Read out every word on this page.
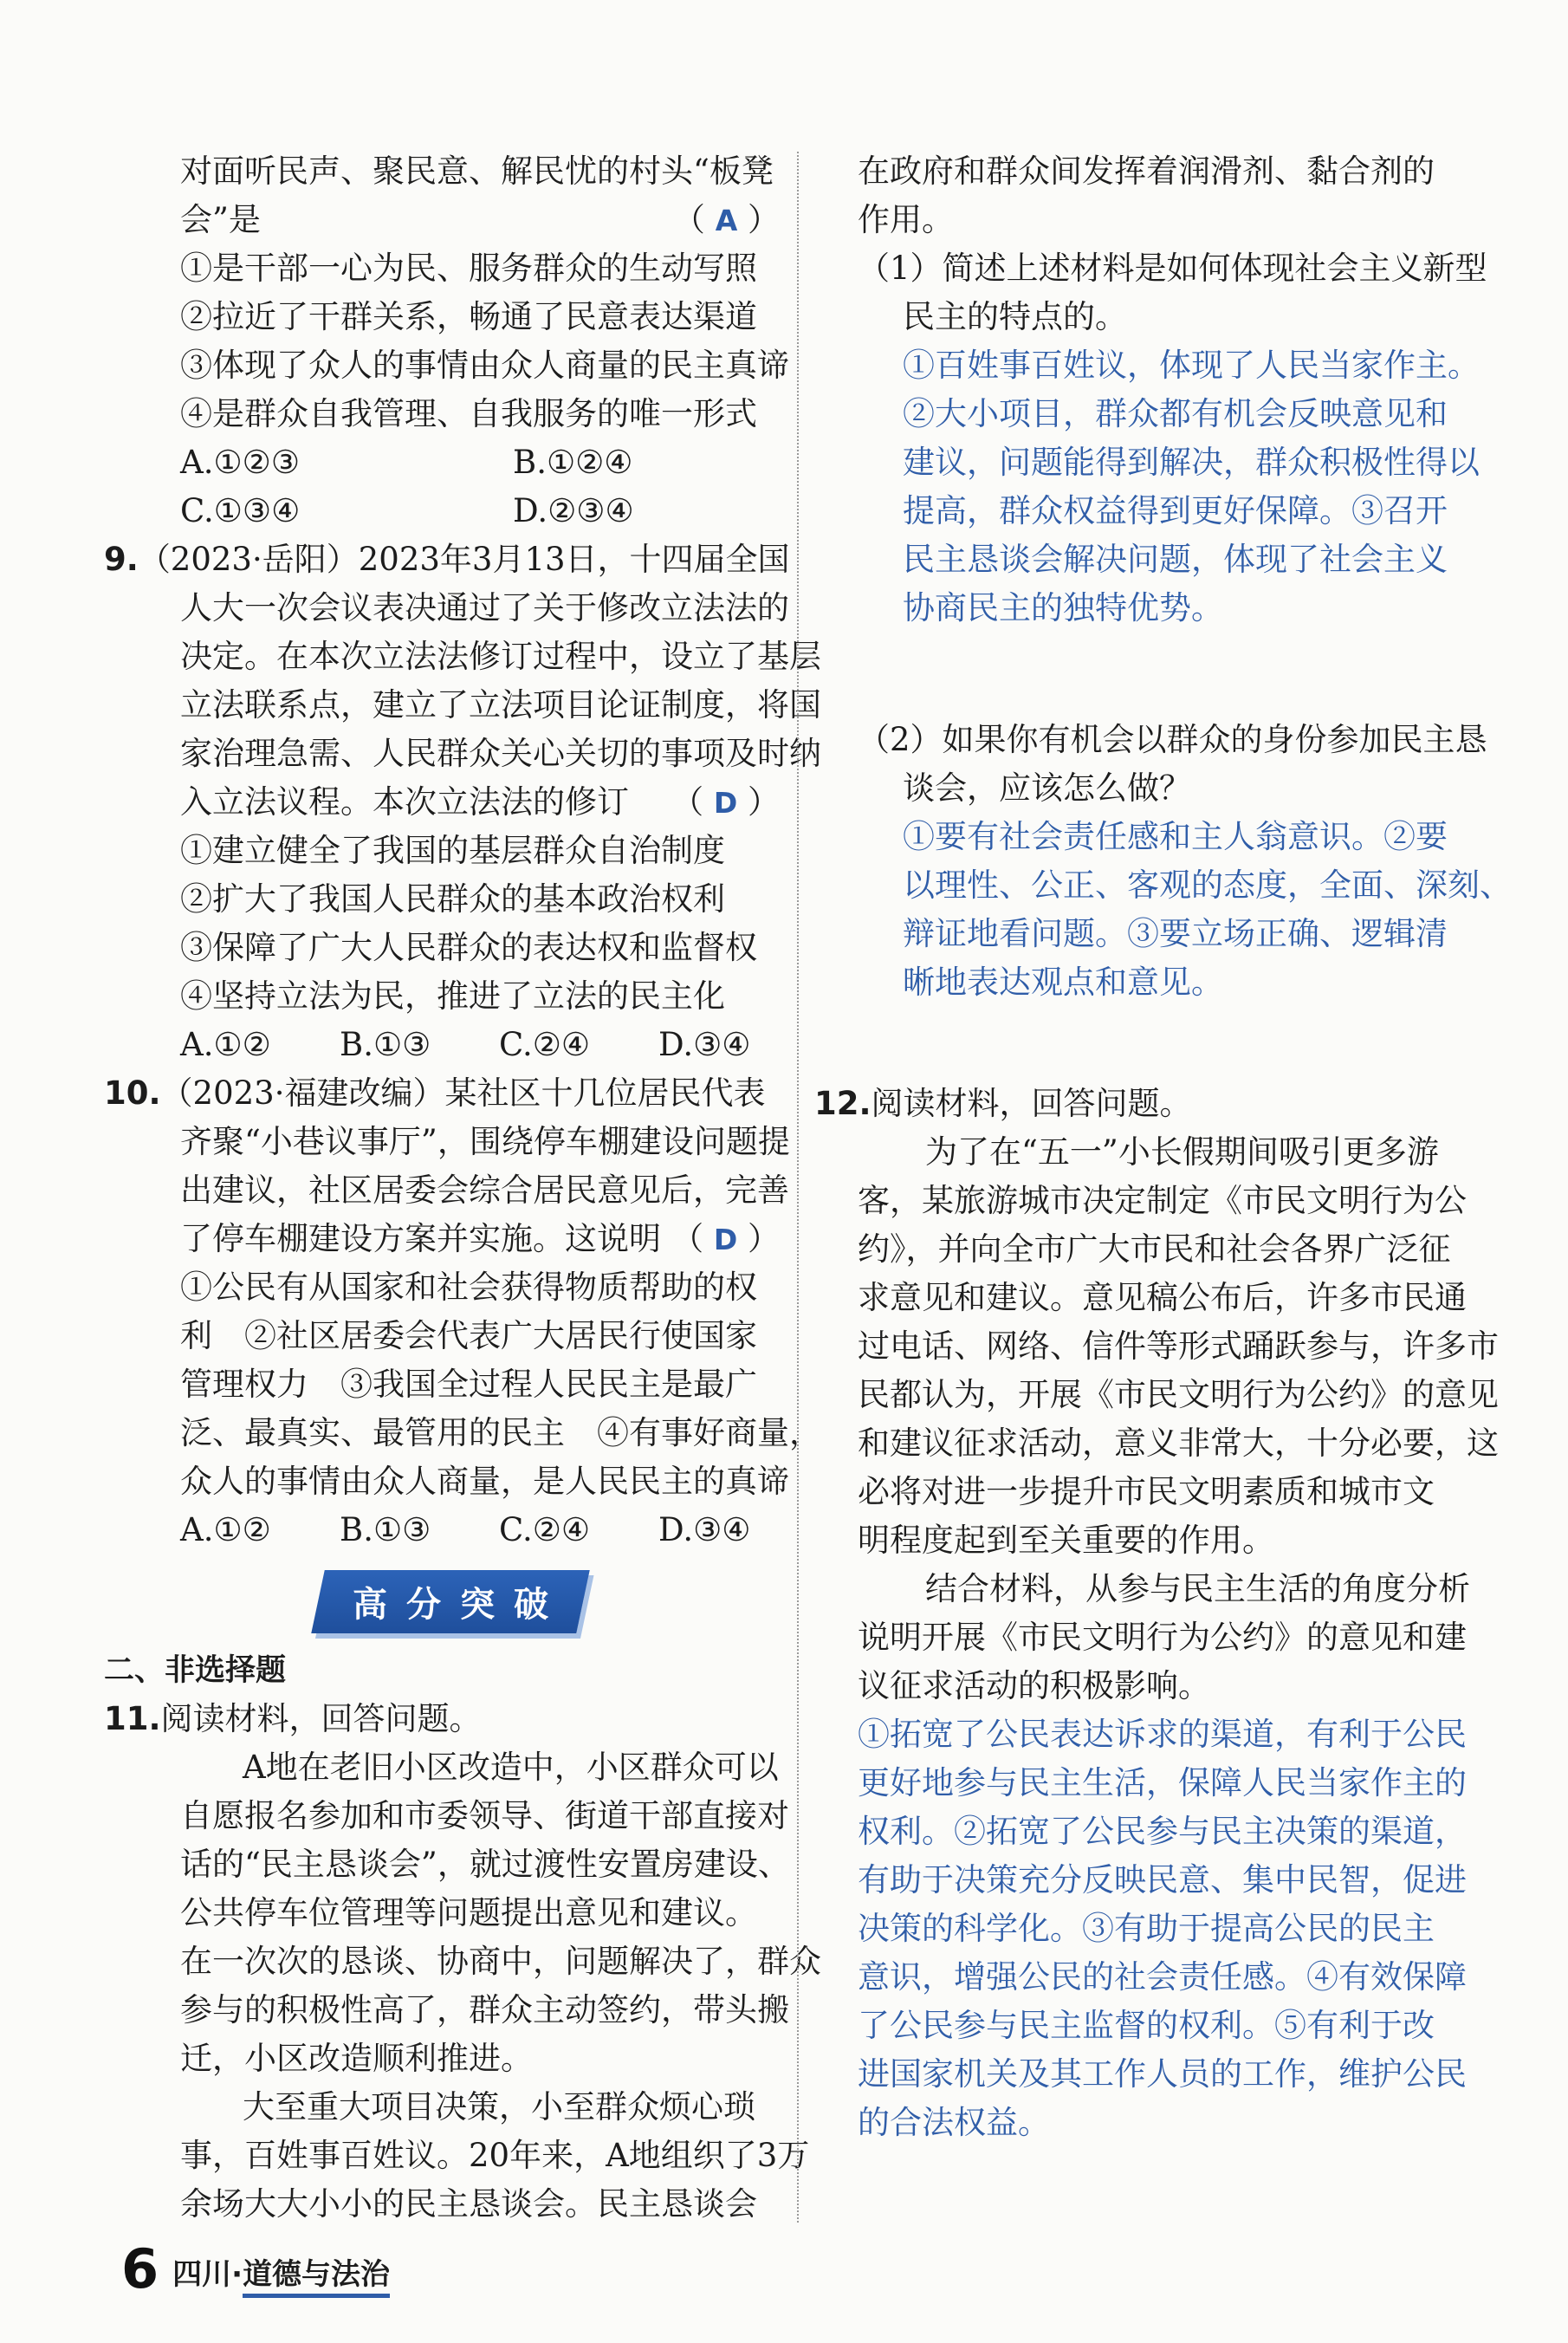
对面听民声、聚民意、解民忧的村头“板凳
会”是	（ A ）
①是干部一心为民、服务群众的生动写照
②拉近了干群关系，畅通了民意表达渠道
③体现了众人的事情由众人商量的民主真谛
④是群众自我管理、自我服务的唯一形式
A.①②③	B.①②④
C.①③④	D.②③④
9.（2023·岳阳）2023年3月13日，十四届全国
人大一次会议表决通过了关于修改立法法的
决定。在本次立法法修订过程中，设立了基层
立法联系点，建立了立法项目论证制度，将国
家治理急需、人民群众关心关切的事项及时纳
入立法议程。本次立法法的修订 （ D ）
①建立健全了我国的基层群众自治制度
②扩大了我国人民群众的基本政治权利
③保障了广大人民群众的表达权和监督权
④坚持立法为民，推进了立法的民主化
A.①②	B.①③	C.②④	D.③④
10.（2023·福建改编）某社区十几位居民代表
齐聚“小巷议事厅”，围绕停车棚建设问题提
出建议，社区居委会综合居民意见后，完善
了停车棚建设方案并实施。这说明 （ D ）
①公民有从国家和社会获得物质帮助的权
利　②社区居委会代表广大居民行使国家
管理权力　③我国全过程人民民主是最广
泛、最真实、最管用的民主　④有事好商量，
众人的事情由众人商量，是人民民主的真谛
A.①②	B.①③	C.②④	D.③④
高分突破
二、非选择题
11.阅读材料，回答问题。
A地在老旧小区改造中，小区群众可以
自愿报名参加和市委领导、街道干部直接对
话的“民主恳谈会”，就过渡性安置房建设、
公共停车位管理等问题提出意见和建议。
在一次次的恳谈、协商中，问题解决了，群众
参与的积极性高了，群众主动签约，带头搬
迁，小区改造顺利推进。
大至重大项目决策，小至群众烦心琐
事，百姓事百姓议。20年来，A地组织了3万
余场大大小小的民主恳谈会。民主恳谈会
在政府和群众间发挥着润滑剂、黏合剂的
作用。
（1）简述上述材料是如何体现社会主义新型
民主的特点的。
①百姓事百姓议，体现了人民当家作主。
②大小项目，群众都有机会反映意见和
建议，问题能得到解决，群众积极性得以
提高，群众权益得到更好保障。③召开
民主恳谈会解决问题，体现了社会主义
协商民主的独特优势。
（2）如果你有机会以群众的身份参加民主恳
谈会，应该怎么做？
①要有社会责任感和主人翁意识。②要
以理性、公正、客观的态度，全面、深刻、
辩证地看问题。③要立场正确、逻辑清
晰地表达观点和意见。
12.阅读材料，回答问题。
为了在“五一”小长假期间吸引更多游
客，某旅游城市决定制定《市民文明行为公
约》，并向全市广大市民和社会各界广泛征
求意见和建议。意见稿公布后，许多市民通
过电话、网络、信件等形式踊跃参与，许多市
民都认为，开展《市民文明行为公约》的意见
和建议征求活动，意义非常大，十分必要，这
必将对进一步提升市民文明素质和城市文
明程度起到至关重要的作用。
结合材料，从参与民主生活的角度分析
说明开展《市民文明行为公约》的意见和建
议征求活动的积极影响。
①拓宽了公民表达诉求的渠道，有利于公民
更好地参与民主生活，保障人民当家作主的
权利。②拓宽了公民参与民主决策的渠道，
有助于决策充分反映民意、集中民智，促进
决策的科学化。③有助于提高公民的民主
意识，增强公民的社会责任感。④有效保障
了公民参与民主监督的权利。⑤有利于改
进国家机关及其工作人员的工作，维护公民
的合法权益。
6 四川·道德与法治
